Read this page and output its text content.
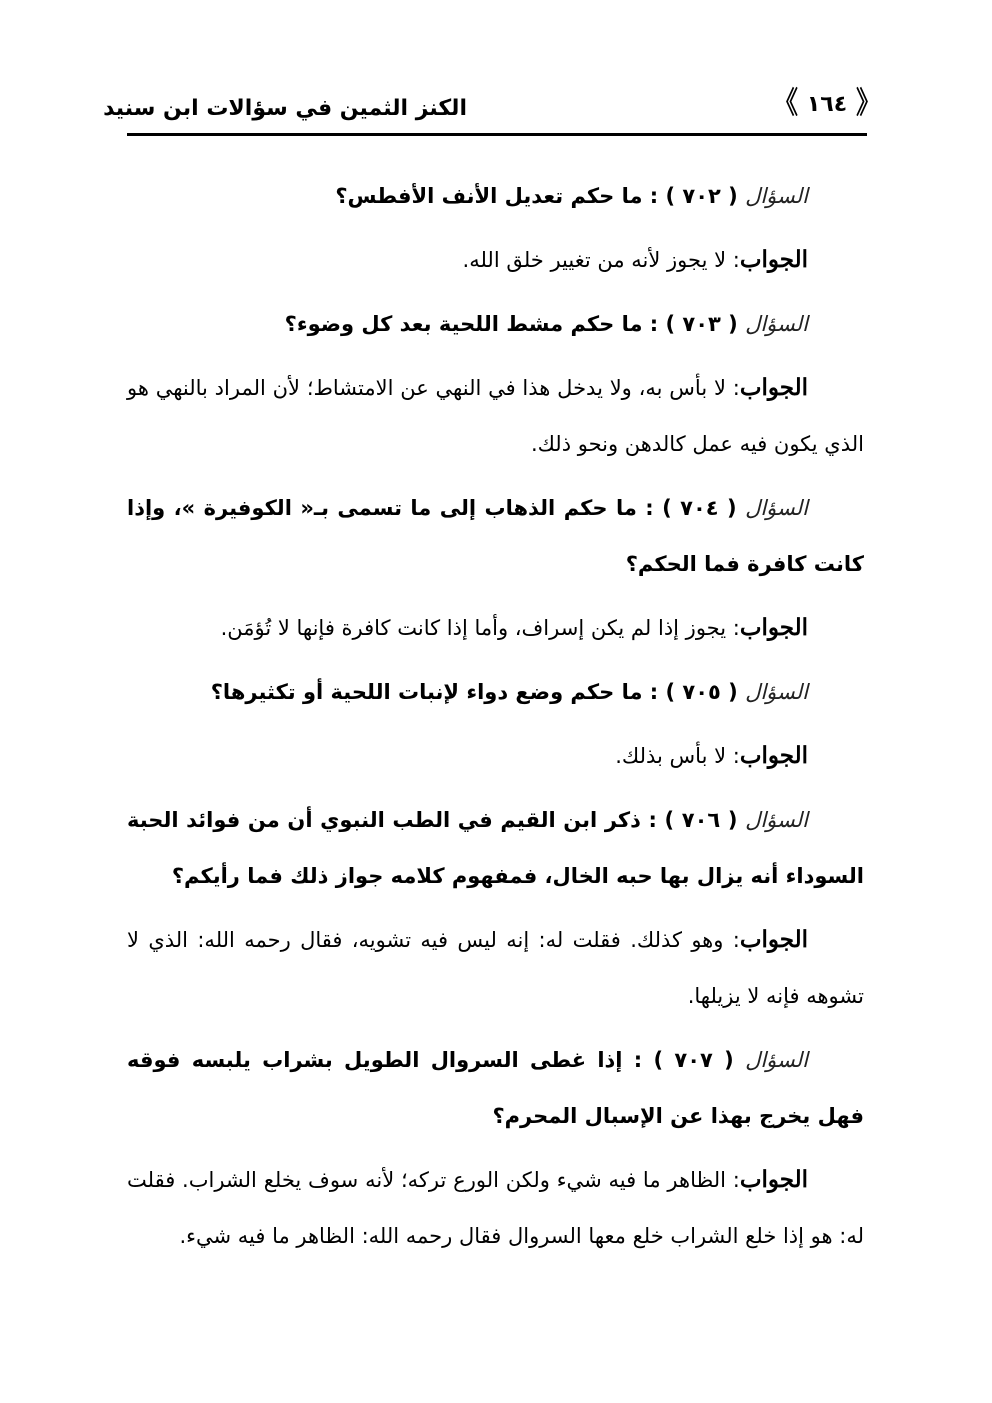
《 ١٦٤ 》
الكنز الثمين في سؤالات ابن سنيد

السؤال ( ٧٠٢ ) : ما حكم تعديل الأنف الأفطس؟

الجواب: لا يجوز لأنه من تغيير خلق الله.

السؤال ( ٧٠٣ ) : ما حكم مشط اللحية بعد كل وضوء؟

الجواب: لا بأس به، ولا يدخل هذا في النهي عن الامتشاط؛ لأن المراد بالنهي هو الذي يكون فيه عمل كالدهن ونحو ذلك.

السؤال ( ٧٠٤ ) : ما حكم الذهاب إلى ما تسمى بـ« الكوفيرة »، وإذا كانت كافرة فما الحكم؟

الجواب: يجوز إذا لم يكن إسراف، وأما إذا كانت كافرة فإنها لا تُؤمَن.

السؤال ( ٧٠٥ ) : ما حكم وضع دواء لإنبات اللحية أو تكثيرها؟

الجواب: لا بأس بذلك.

السؤال ( ٧٠٦ ) : ذكر ابن القيم في الطب النبوي أن من فوائد الحبة السوداء أنه يزال بها حبه الخال، فمفهوم كلامه جواز ذلك فما رأيكم؟

الجواب: وهو كذلك. فقلت له: إنه ليس فيه تشويه، فقال رحمه الله: الذي لا تشوهه فإنه لا يزيلها.

السؤال ( ٧٠٧ ) : إذا غطى السروال الطويل بشراب يلبسه فوقه فهل يخرج بهذا عن الإسبال المحرم؟

الجواب: الظاهر ما فيه شيء ولكن الورع تركه؛ لأنه سوف يخلع الشراب. فقلت له: هو إذا خلع الشراب خلع معها السروال فقال رحمه الله: الظاهر ما فيه شيء.
